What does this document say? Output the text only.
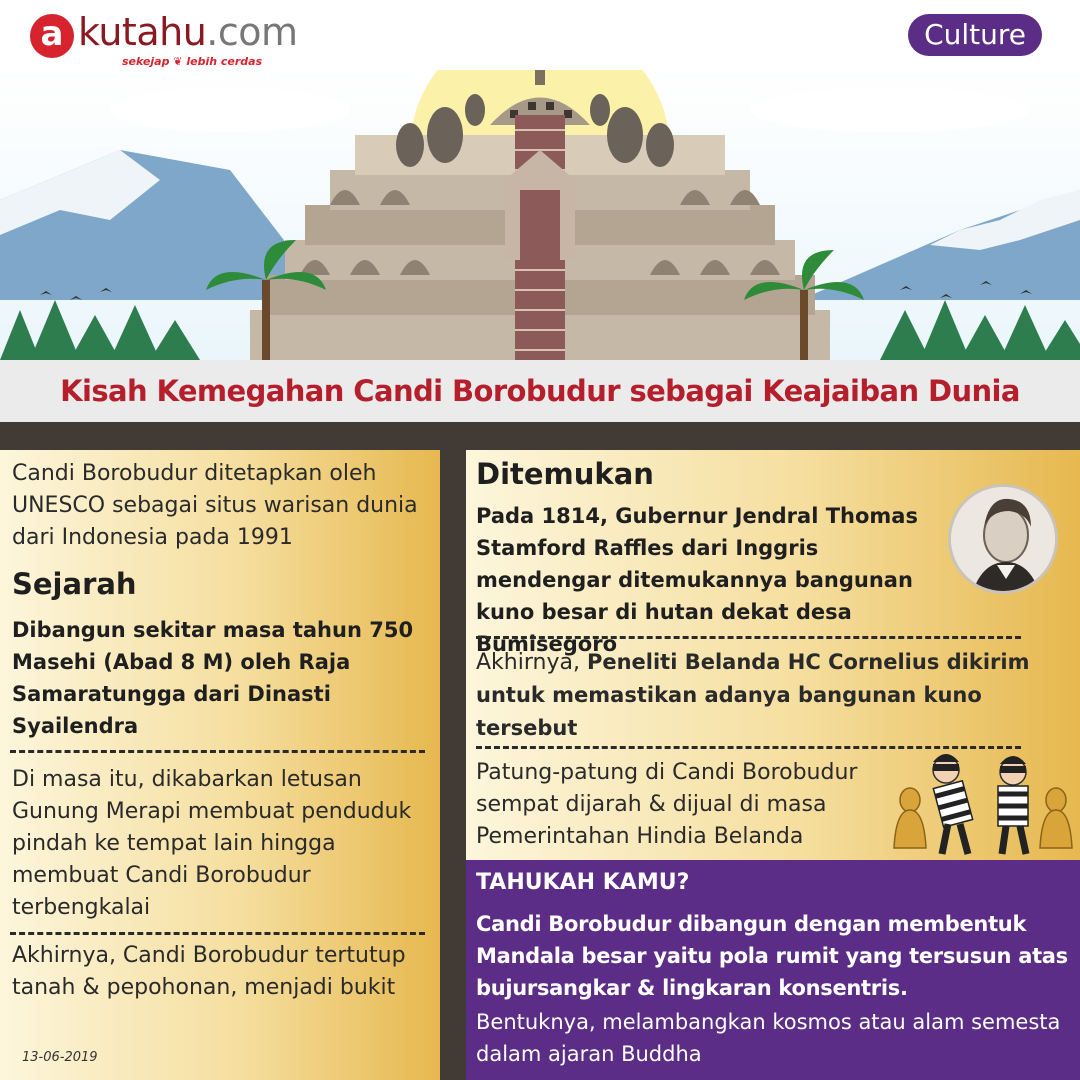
a kutahu.com
sekejap ❦ lebih cerdas
Culture
Kisah Kemegahan Candi Borobudur sebagai Keajaiban Dunia
Candi Borobudur ditetapkan oleh UNESCO sebagai situs warisan dunia dari Indonesia pada 1991
Sejarah
Dibangun sekitar masa tahun 750 Masehi (Abad 8 M) oleh Raja Samaratungga dari Dinasti Syailendra
Di masa itu, dikabarkan letusan Gunung Merapi membuat penduduk pindah ke tempat lain hingga membuat Candi Borobudur terbengkalai
Akhirnya, Candi Borobudur tertutup tanah & pepohonan, menjadi bukit
13-06-2019
Ditemukan
Pada 1814, Gubernur Jendral Thomas Stamford Raffles dari Inggris mendengar ditemukannya bangunan kuno besar di hutan dekat desa Bumisegoro
Akhirnya, Peneliti Belanda HC Cornelius dikirim untuk memastikan adanya bangunan kuno tersebut
Patung-patung di Candi Borobudur sempat dijarah & dijual di masa Pemerintahan Hindia Belanda
TAHUKAH KAMU?
Candi Borobudur dibangun dengan membentuk Mandala besar yaitu pola rumit yang tersusun atas bujursangkar & lingkaran konsentris.
Bentuknya, melambangkan kosmos atau alam semesta dalam ajaran Buddha
